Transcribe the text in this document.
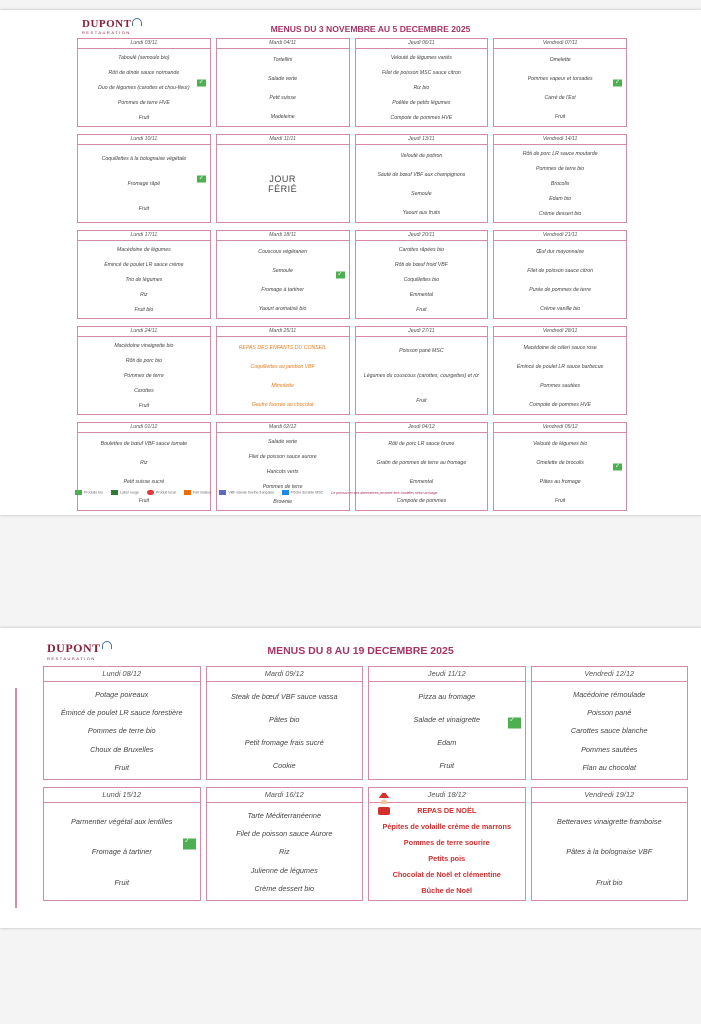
DUPONT
RESTAURATION	MENUS DU 3 NOVEMBRE AU 5 DECEMBRE 2025
Lundi 03/11
✓
Taboulé (semoule bio)
Rôti de dinde sauce normande
Duo de légumes (carottes et chou-fleur)
Pommes de terre HVE
Fruit
Mardi 04/11
Tortellini
Salade verte
Petit suisse
Madeleine
Jeudi 06/11
Velouté de légumes variés
Filet de poisson MSC sauce citron
Riz bio
Poêlée de petits légumes
Compote de pommes HVE
Vendredi 07/11
✓
Omelette
Pommes vapeur et torsades
Carré de l'Est
Fruit
Lundi 10/11
✓
Coquillettes à la bolognaise végétale
Fromage râpé
Fruit
Mardi 11/11
JOUR
FÉRIÉ
Jeudi 13/11
Velouté de potiron
Sauté de bœuf VBF aux champignons
Semoule
Yaourt aux fruits
Vendredi 14/11
Rôti de porc LR sauce moutarde
Pommes de terre bio
Brocolis
Edam bio
Crème dessert bio
Lundi 17/11
Macédoine de légumes
Émincé de poulet LR sauce crème
Trio de légumes
Riz
Fruit bio
Mardi 18/11
✓
Couscous végétarien
Semoule
Fromage à tartiner
Yaourt aromatisé bio
Jeudi 20/11
Carottes râpées bio
Rôti de bœuf froid VBF
Coquillettes bio
Emmental
Fruit
Vendredi 21/11
Œuf dur mayonnaise
Filet de poisson sauce citron
Purée de pommes de terre
Crème vanille bio
Lundi 24/11
Macédoine vinaigrette bio
Rôti de porc bio
Pommes de terre
Carottes
Fruit
Mardi 25/11
REPAS DES ENFANTS DU CONSEIL
Coquillettes au jambon VBF
Mimolette
Gaufre fourrée au chocolat
Jeudi 27/11
Poisson pané MSC
Légumes du couscous (carottes, courgettes) et riz
Fruit
Vendredi 28/11
Macédoine de céleri sauce rose
Émincé de poulet LR sauce barbecue
Pommes sautées
Compote de pommes HVE
Lundi 01/12
Boulettes de bœuf VBF sauce tomate
Riz
Petit suisse sucré
Fruit
Mardi 02/12
Salade verte
Filet de poisson sauce aurore
Haricots verts
Pommes de terre
Brownie
Jeudi 04/12
Rôti de porc LR sauce brune
Gratin de pommes de terre au fromage
Emmental
Compote de pommes
Vendredi 05/12
✓
Velouté de légumes bio
Omelette de brocolis
Pâtes au fromage
Fruit
Produits bio	Label rouge	Produit local	Fait maison	VBF viande bovine française	Pêche durable MSC Le poisson et ses alternatives peuvent être modifiés selon arrivage
DUPONT
RESTAURATION
MENUS DU 8 AU 19 DECEMBRE 2025
Lundi 08/12
Potage poireaux
Émincé de poulet LR sauce forestière
Pommes de terre bio
Choux de Bruxelles
Fruit
Mardi 09/12
Steak de bœuf VBF sauce vassa
Pâtes bio
Petit fromage frais sucré
Cookie
Jeudi 11/12
✓
Pizza au fromage
Salade et vinaigrette
Edam
Fruit
Vendredi 12/12
Macédoine rémoulade
Poisson pané
Carottes sauce blanche
Pommes sautées
Flan au chocolat
Lundi 15/12
✓
Parmentier végétal aux lentilles
Fromage à tartiner
Fruit
Mardi 16/12
Tarte Méditerranéenne
Filet de poisson sauce Aurore
Riz
Julienne de légumes
Crème dessert bio
Jeudi 18/12
REPAS DE NOËL
Pépites de volaille crème de marrons
Pommes de terre sourire
Petits pois
Chocolat de Noël et clémentine
Bûche de Noël
Vendredi 19/12
Betteraves vinaigrette framboise
Pâtes à la bolognaise VBF
Fruit bio
